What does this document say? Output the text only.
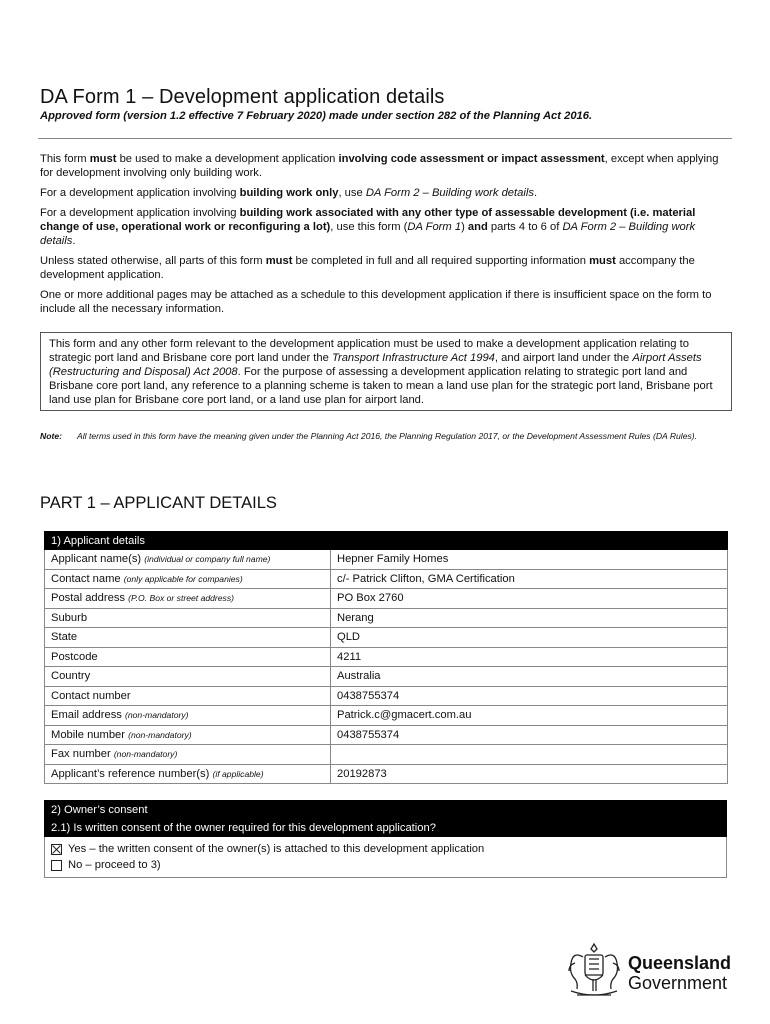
DA Form 1 – Development application details
Approved form (version 1.2 effective 7 February 2020) made under section 282 of the Planning Act 2016.

This form must be used to make a development application involving code assessment or impact assessment, except when applying for development involving only building work.

For a development application involving building work only, use DA Form 2 – Building work details.

For a development application involving building work associated with any other type of assessable development (i.e. material change of use, operational work or reconfiguring a lot), use this form (DA Form 1) and parts 4 to 6 of DA Form 2 – Building work details.

Unless stated otherwise, all parts of this form must be completed in full and all required supporting information must accompany the development application.

One or more additional pages may be attached as a schedule to this development application if there is insufficient space on the form to include all the necessary information.

This form and any other form relevant to the development application must be used to make a development application relating to strategic port land and Brisbane core port land under the Transport Infrastructure Act 1994, and airport land under the Airport Assets (Restructuring and Disposal) Act 2008. For the purpose of assessing a development application relating to strategic port land and Brisbane core port land, any reference to a planning scheme is taken to mean a land use plan for the strategic port land, Brisbane port land use plan for Brisbane core port land, or a land use plan for airport land.
Note: All terms used in this form have the meaning given under the Planning Act 2016, the Planning Regulation 2017, or the Development Assessment Rules (DA Rules).
PART 1 – APPLICANT DETAILS
1) Applicant details	
Applicant name(s) (individual or company full name)	Hepner Family Homes
Contact name (only applicable for companies)	c/- Patrick Clifton, GMA Certification
Postal address (P.O. Box or street address)	PO Box 2760
Suburb	Nerang
State	QLD
Postcode	4211
Country	Australia
Contact number	0438755374
Email address (non-mandatory)	Patrick.c@gmacert.com.au
Mobile number (non-mandatory)	0438755374
Fax number (non-mandatory)	
Applicant’s reference number(s) (if applicable)	20192873
2) Owner’s consent
2.1) Is written consent of the owner required for this development application?

Yes – the written consent of the owner(s) is attached to this development application
No – proceed to 3)
Queensland
Government
